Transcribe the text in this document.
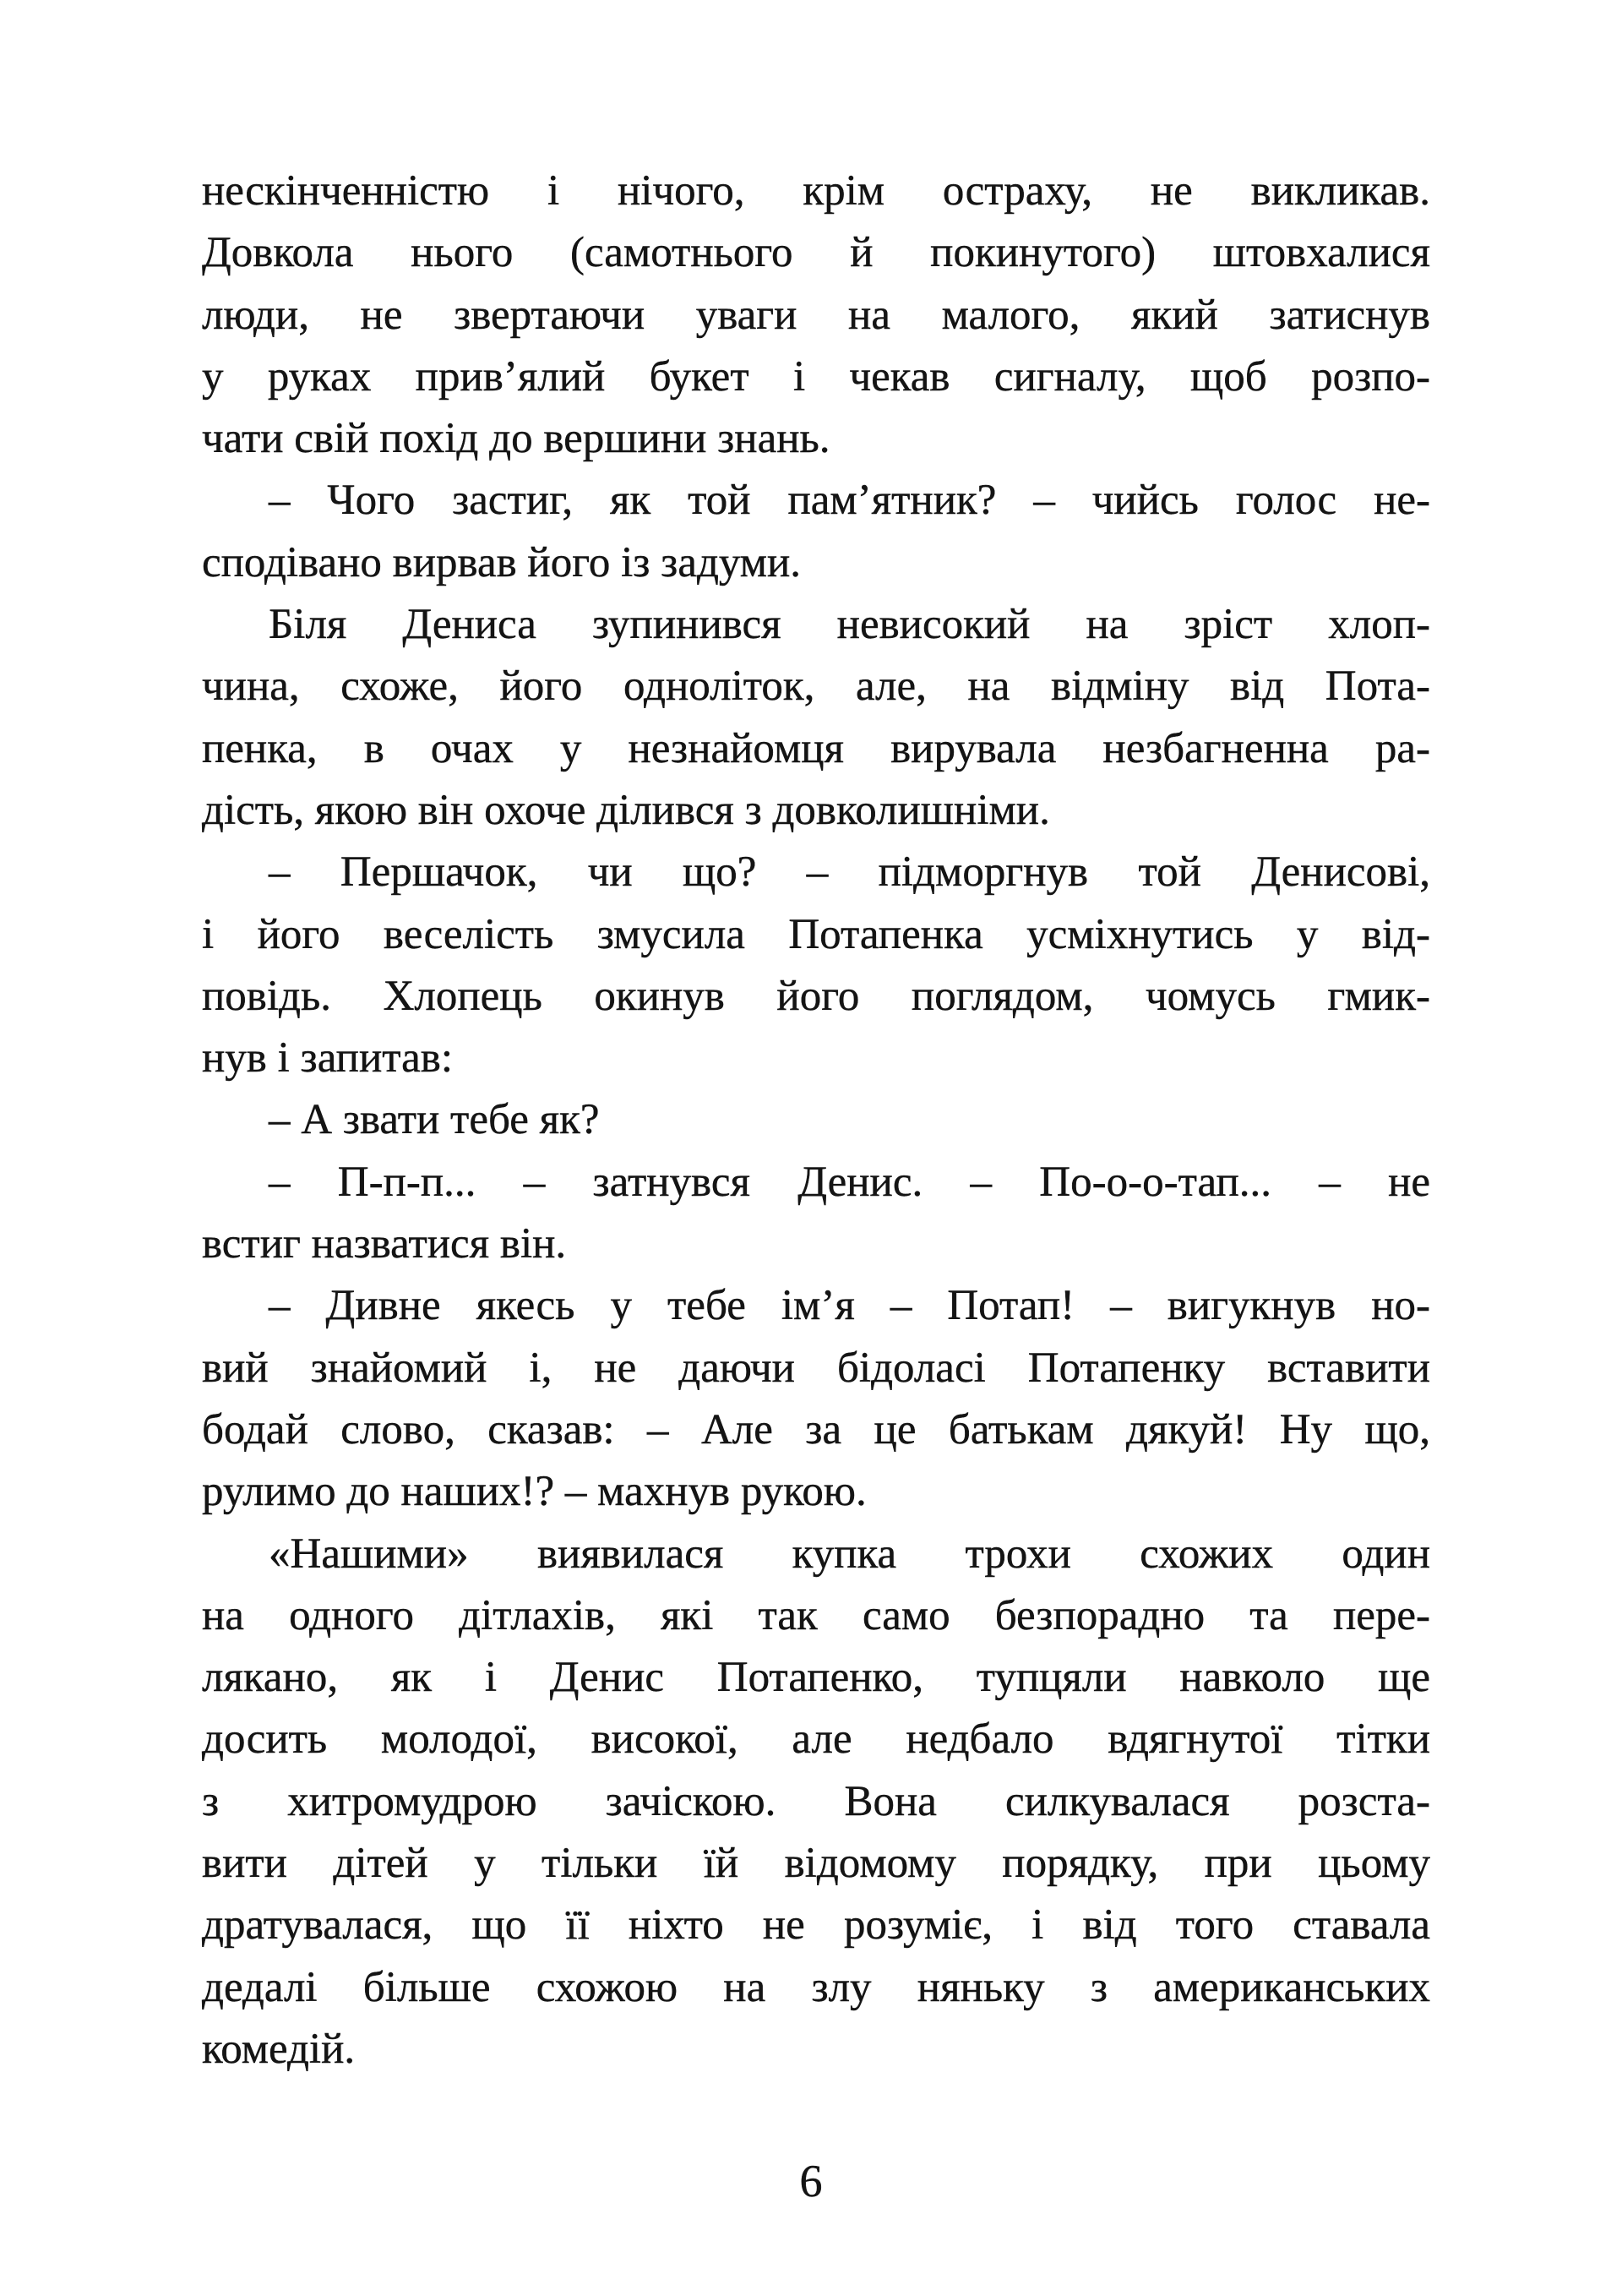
нескінченністю і нічого, крім остраху, не викликав.
Довкола нього (самотнього й покинутого) штовхалися
люди, не звертаючи уваги на малого, який затиснув
у руках прив’ялий букет і чекав сигналу, щоб розпо-
чати свій похід до вершини знань.
– Чого застиг, як той пам’ятник? – чийсь голос не-
сподівано вирвав його із задуми.
Біля Дениса зупинився невисокий на зріст хлоп-
чина, схоже, його одноліток, але, на відміну від Пота-
пенка, в очах у незнайомця вирувала незбагненна ра-
дість, якою він охоче ділився з довколишніми.
– Першачок, чи що? – підморгнув той Денисові,
і його веселість змусила Потапенка усміхнутись у від-
повідь. Хлопець окинув його поглядом, чомусь гмик-
нув і запитав:
– А звати тебе як?
– П-п-п... – затнувся Денис. – По-о-о-тап... – не
встиг назватися він.
– Дивне якесь у тебе ім’я – Потап! – вигукнув но-
вий знайомий і, не даючи бідоласі Потапенку вставити
бодай слово, сказав: – Але за це батькам дякуй! Ну що,
рулимо до наших!? – махнув рукою.
«Нашими» виявилася купка трохи схожих один
на одного дітлахів, які так само безпорадно та пере-
лякано, як і Денис Потапенко, тупцяли навколо ще
досить молодої, високої, але недбало вдягнутої тітки
з хитромудрою зачіскою. Вона силкувалася розста-
вити дітей у тільки їй відомому порядку, при цьому
дратувалася, що її ніхто не розуміє, і від того ставала
дедалі більше схожою на злу няньку з американських
комедій.
6
